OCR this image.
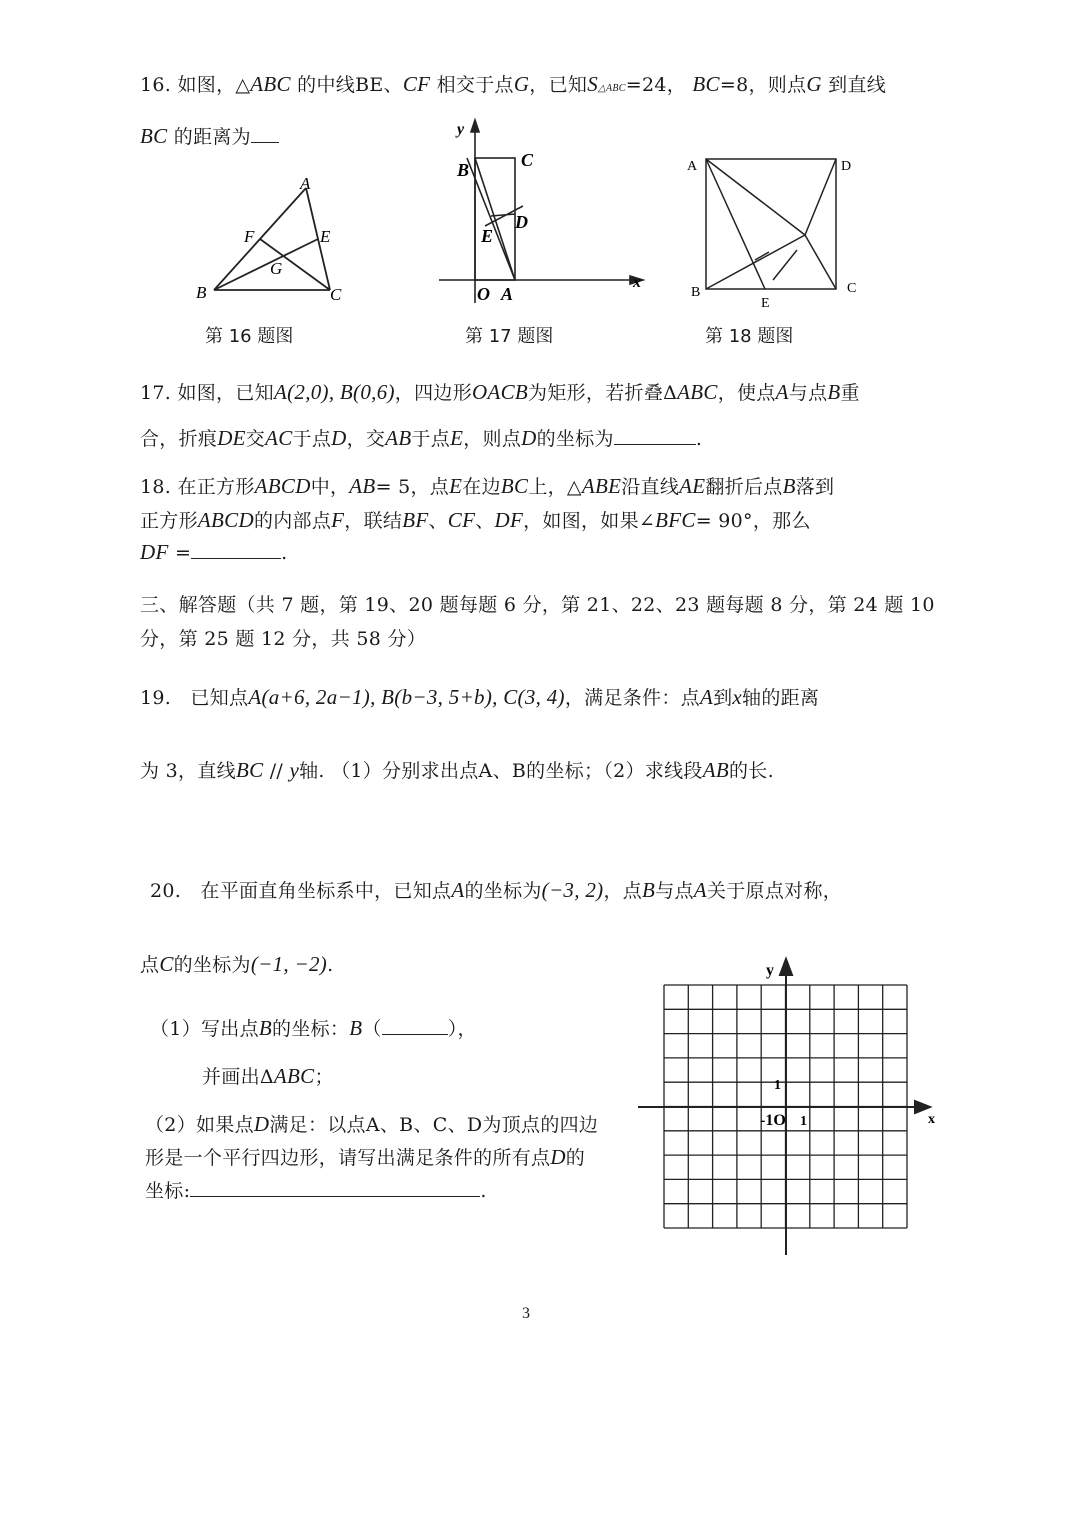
16. 如图，△ABC 的中线BE、CF 相交于点G，已知S△ABC=24， BC=8，则点G 到直线
BC 的距离为
A
B	C
E
F
G
第 16 题图
y
x
B	C
D
E
O A
第 17 题图
A	D
B	C
E
第 18 题图
17. 如图，已知A(2,0), B(0,6)，四边形OACB为矩形，若折叠ΔABC，使点A与点B重
合，折痕DE交AC于点D，交AB于点E，则点D的坐标为	.
18. 在正方形ABCD中，AB= 5，点E在边BC上，△ABE沿直线AE翻折后点B落到
正方形ABCD的内部点F，联结BF、CF、DF，如图，如果∠BFC= 90°，那么
DF =	.
三、解答题（共 7 题，第 19、20 题每题 6 分，第 21、22、23 题每题 8 分，第 24 题 10
分，第 25 题 12 分，共 58 分）
19.　已知点A(a+6, 2a−1), B(b−3, 5+b), C(3, 4)，满足条件：点A到x轴的距离
为 3，直线BC // y轴. （1）分别求出点A、B的坐标；（2）求线段AB的长.
20.　在平面直角坐标系中，已知点A的坐标为(−3, 2)，点B与点A关于原点对称，
点C的坐标为(−1, −2).
（1）写出点B的坐标：B（	），
并画出ΔABC；
（2）如果点D满足：以点A、B、C、D为顶点的四边
形是一个平行四边形，请写出满足条件的所有点D的
坐标:	.
y
x
1
-1O 1
3
